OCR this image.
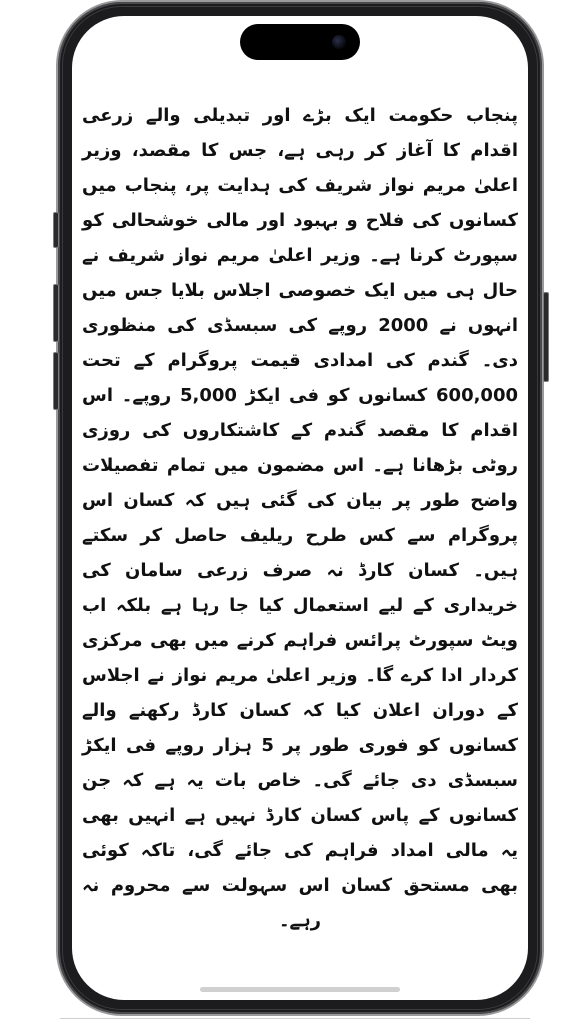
پنجاب حکومت ایک بڑے اور تبدیلی والے زرعی اقدام کا آغاز کر رہی ہے، جس کا مقصد، وزیر اعلیٰ مریم نواز شریف کی ہدایت پر، پنجاب میں کسانوں کی فلاح و بہبود اور مالی خوشحالی کو سپورٹ کرنا ہے۔ وزیر اعلیٰ مریم نواز شریف نے حال ہی میں ایک خصوصی اجلاس بلایا جس میں انہوں نے 2000 روپے کی سبسڈی کی منظوری دی۔ گندم کی امدادی قیمت پروگرام کے تحت 600,000 کسانوں کو فی ایکڑ 5,000 روپے۔ اس اقدام کا مقصد گندم کے کاشتکاروں کی روزی روٹی بڑھانا ہے۔ اس مضمون میں تمام تفصیلات واضح طور پر بیان کی گئی ہیں کہ کسان اس پروگرام سے کس طرح ریلیف حاصل کر سکتے ہیں۔ کسان کارڈ نہ صرف زرعی سامان کی خریداری کے لیے استعمال کیا جا رہا ہے بلکہ اب ویٹ سپورٹ پرائس فراہم کرنے میں بھی مرکزی کردار ادا کرے گا۔ وزیر اعلیٰ مریم نواز نے اجلاس کے دوران اعلان کیا کہ کسان کارڈ رکھنے والے کسانوں کو فوری طور پر 5 ہزار روپے فی ایکڑ سبسڈی دی جائے گی۔ خاص بات یہ ہے کہ جن کسانوں کے پاس کسان کارڈ نہیں ہے انہیں بھی یہ مالی امداد فراہم کی جائے گی، تاکہ کوئی بھی مستحق کسان اس سہولت سے محروم نہ رہے۔
